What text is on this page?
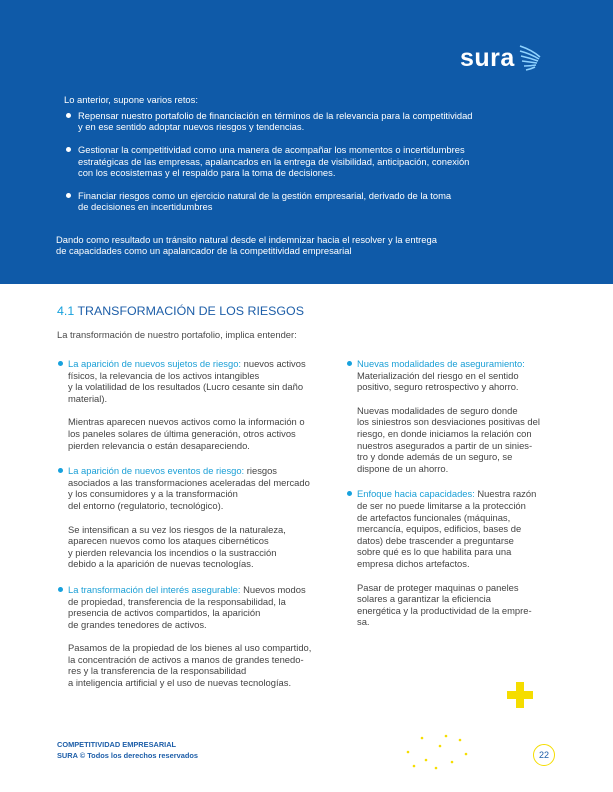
sura
Lo anterior, supone varios retos:
Repensar nuestro portafolio de financiación en términos de la relevancia para la competitividad
y en ese sentido adoptar nuevos riesgos y tendencias.
Gestionar la competitividad como una manera de acompañar los momentos o incertidumbres
estratégicas de las empresas, apalancados en la entrega de visibilidad, anticipación, conexión
con los ecosistemas y el respaldo para la toma de decisiones.
Financiar riesgos como un ejercicio natural de la gestión empresarial, derivado de la toma
de decisiones en incertidumbres
Dando como resultado un tránsito natural desde el indemnizar hacia el resolver y la entrega
de capacidades como un apalancador de la competitividad empresarial
4.1 TRANSFORMACIÓN DE LOS RIESGOS
La transformación de nuestro portafolio, implica entender:

La aparición de nuevos sujetos de riesgo: nuevos activos
físicos, la relevancia de los activos intangibles
y la volatilidad de los resultados (Lucro cesante sin daño
material).

Mientras aparecen nuevos activos como la información o
los paneles solares de última generación, otros activos
pierden relevancia o están desapareciendo.

La aparición de nuevos eventos de riesgo: riesgos
asociados a las transformaciones aceleradas del mercado
y los consumidores y a la transformación
del entorno (regulatorio, tecnológico).

Se intensifican a su vez los riesgos de la naturaleza,
aparecen nuevos como los ataques cibernéticos
y pierden relevancia los incendios o la sustracción
debido a la aparición de nuevas tecnologías.

La transformación del interés asegurable: Nuevos modos
de propiedad, transferencia de la responsabilidad, la
presencia de activos compartidos, la aparición
de grandes tenedores de activos.

Pasamos de la propiedad de los bienes al uso compartido,
la concentración de activos a manos de grandes tenedo-
res y la transferencia de la responsabilidad
a inteligencia artificial y el uso de nuevas tecnologías.

Nuevas modalidades de aseguramiento:
Materialización del riesgo en el sentido
positivo, seguro retrospectivo y ahorro.

Nuevas modalidades de seguro donde
los siniestros son desviaciones positivas del
riesgo, en donde iniciamos la relación con
nuestros asegurados a partir de un sinies-
tro y donde además de un seguro, se
dispone de un ahorro.

Enfoque hacia capacidades: Nuestra razón
de ser no puede limitarse a la protección
de artefactos funcionales (máquinas,
mercancía, equipos, edificios, bases de
datos) debe trascender a preguntarse
sobre qué es lo que habilita para una
empresa dichos artefactos.

Pasar de proteger maquinas o paneles
solares a garantizar la eficiencia
energética y la productividad de la empre-
sa.

COMPETITIVIDAD EMPRESARIAL
SURA © Todos los derechos reservados	22
